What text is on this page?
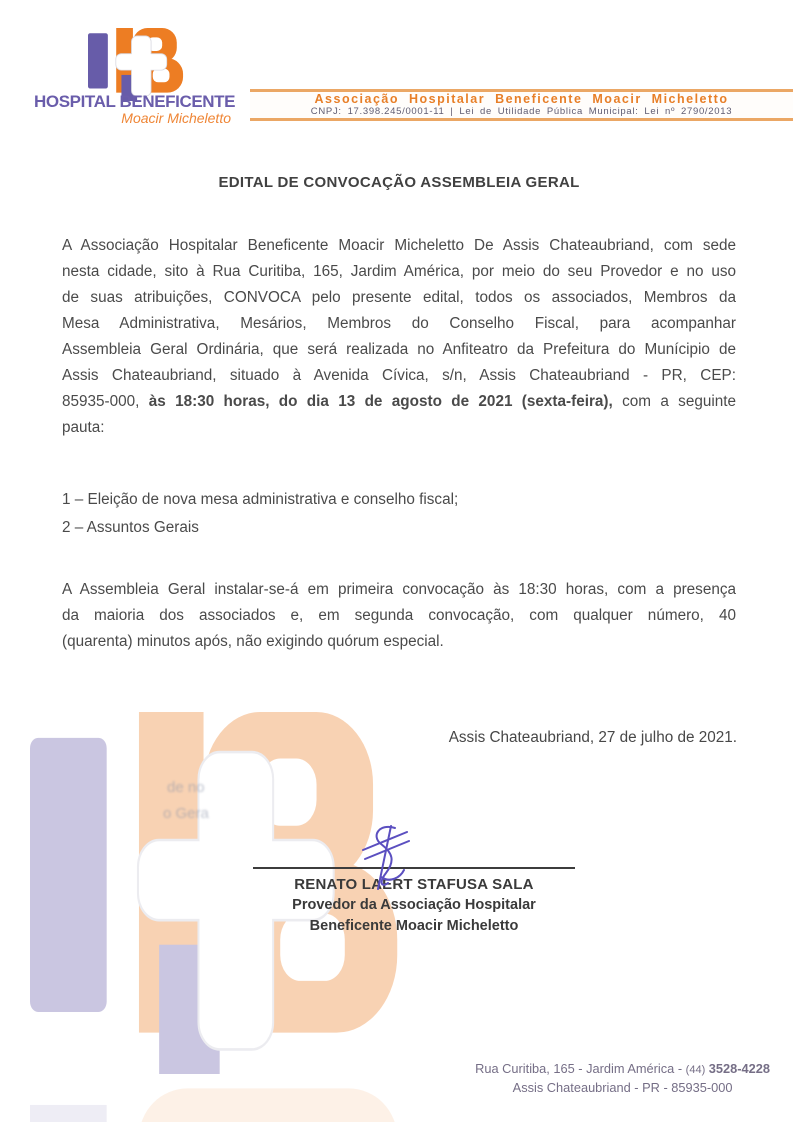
de no
o Gera
HOSPITAL BENEFICENTE
Moacir Micheletto
Associação Hospitalar Beneficente Moacir Micheletto
CNPJ: 17.398.245/0001-11 | Lei de Utilidade Pública Municipal: Lei nº 2790/2013
EDITAL DE CONVOCAÇÃO ASSEMBLEIA GERAL
A Associação Hospitalar Beneficente Moacir Micheletto De Assis Chateaubriand, com sede
nesta cidade, sito à Rua Curitiba, 165, Jardim América, por meio do seu Provedor e no uso
de suas atribuições, CONVOCA pelo presente edital, todos os associados, Membros da
Mesa Administrativa, Mesários, Membros do Conselho Fiscal, para acompanhar
Assembleia Geral Ordinária, que será realizada no Anfiteatro da Prefeitura do Munícipio de
Assis Chateaubriand, situado à Avenida Cívica, s/n, Assis Chateaubriand - PR, CEP:
85935-000, às 18:30 horas, do dia 13 de agosto de 2021 (sexta-feira), com a seguinte
pauta:
1 – Eleição de nova mesa administrativa e conselho fiscal;
2 – Assuntos Gerais
A Assembleia Geral instalar-se-á em primeira convocação às 18:30 horas, com a presença
da maioria dos associados e, em segunda convocação, com qualquer número, 40
(quarenta) minutos após, não exigindo quórum especial.
Assis Chateaubriand, 27 de julho de 2021.
RENATO LAERT STAFUSA SALA
Provedor da Associação Hospitalar
Beneficente Moacir Micheletto
Rua Curitiba, 165 - Jardim América - (44) 3528-4228
Assis Chateaubriand - PR - 85935-000
